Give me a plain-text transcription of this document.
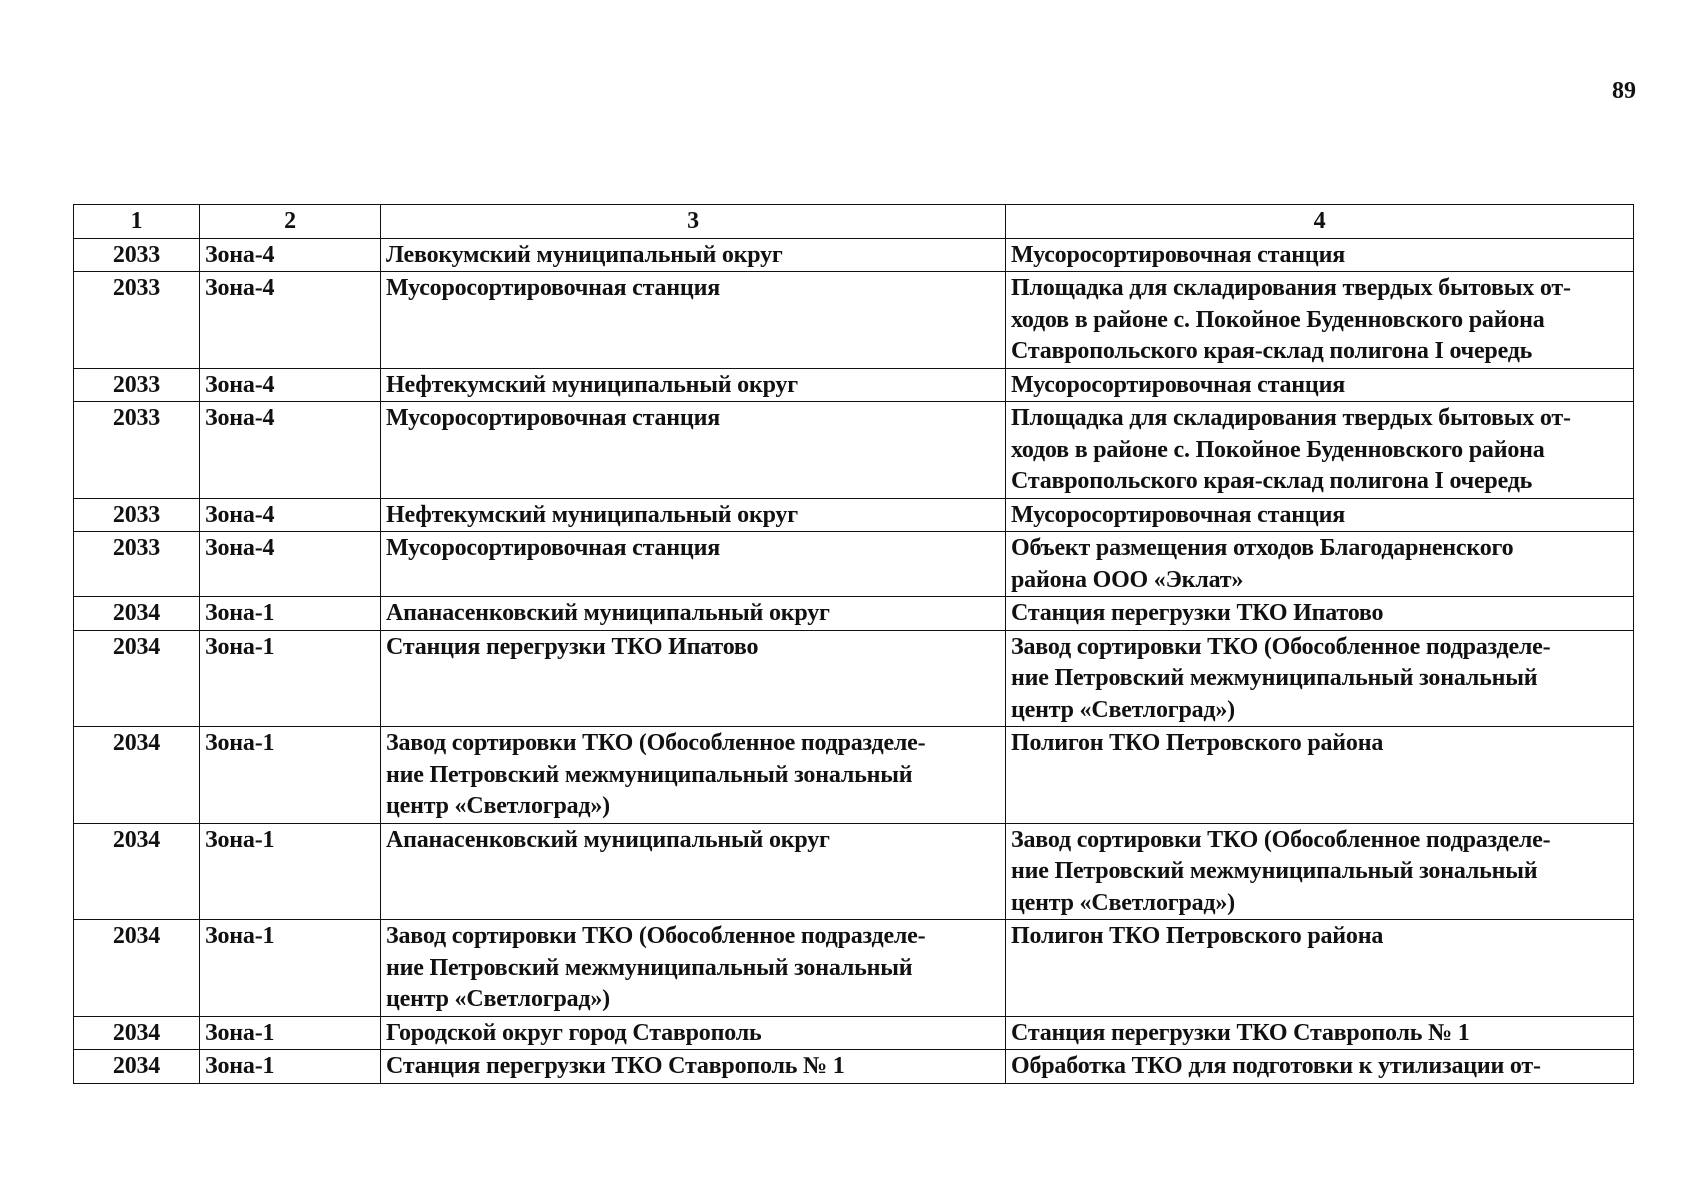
89
1	2	3	4
2033	Зона-4	Левокумский муниципальный округ	Мусоросортировочная станция

2033	Зона-4	Мусоросортировочная станция	Площадка для складирования твердых бытовых от-
ходов в районе с. Покойное Буденновского района
Ставропольского края-склад полигона I очередь

2033	Зона-4	Нефтекумский муниципальный округ	Мусоросортировочная станция

2033	Зона-4	Мусоросортировочная станция	Площадка для складирования твердых бытовых от-
ходов в районе с. Покойное Буденновского района
Ставропольского края-склад полигона I очередь

2033	Зона-4	Нефтекумский муниципальный округ	Мусоросортировочная станция

2033	Зона-4	Мусоросортировочная станция	Объект размещения отходов Благодарненского
района ООО «Эклат»

2034	Зона-1	Апанасенковский муниципальный округ	Станция перегрузки ТКО Ипатово

2034	Зона-1	Станция перегрузки ТКО Ипатово	Завод сортировки ТКО (Обособленное подразделе-
ние Петровский межмуниципальный зональный
центр «Светлоград»)

2034	Зона-1	Завод сортировки ТКО (Обособленное подразделе-
ние Петровский межмуниципальный зональный
центр «Светлоград»)	Полигон ТКО Петровского района

2034	Зона-1	Апанасенковский муниципальный округ	Завод сортировки ТКО (Обособленное подразделе-
ние Петровский межмуниципальный зональный
центр «Светлоград»)

2034	Зона-1	Завод сортировки ТКО (Обособленное подразделе-
ние Петровский межмуниципальный зональный
центр «Светлоград»)	Полигон ТКО Петровского района

2034	Зона-1	Городской округ город Ставрополь	Станция перегрузки ТКО Ставрополь № 1

2034	Зона-1	Станция перегрузки ТКО Ставрополь № 1	Обработка ТКО для подготовки к утилизации от-
